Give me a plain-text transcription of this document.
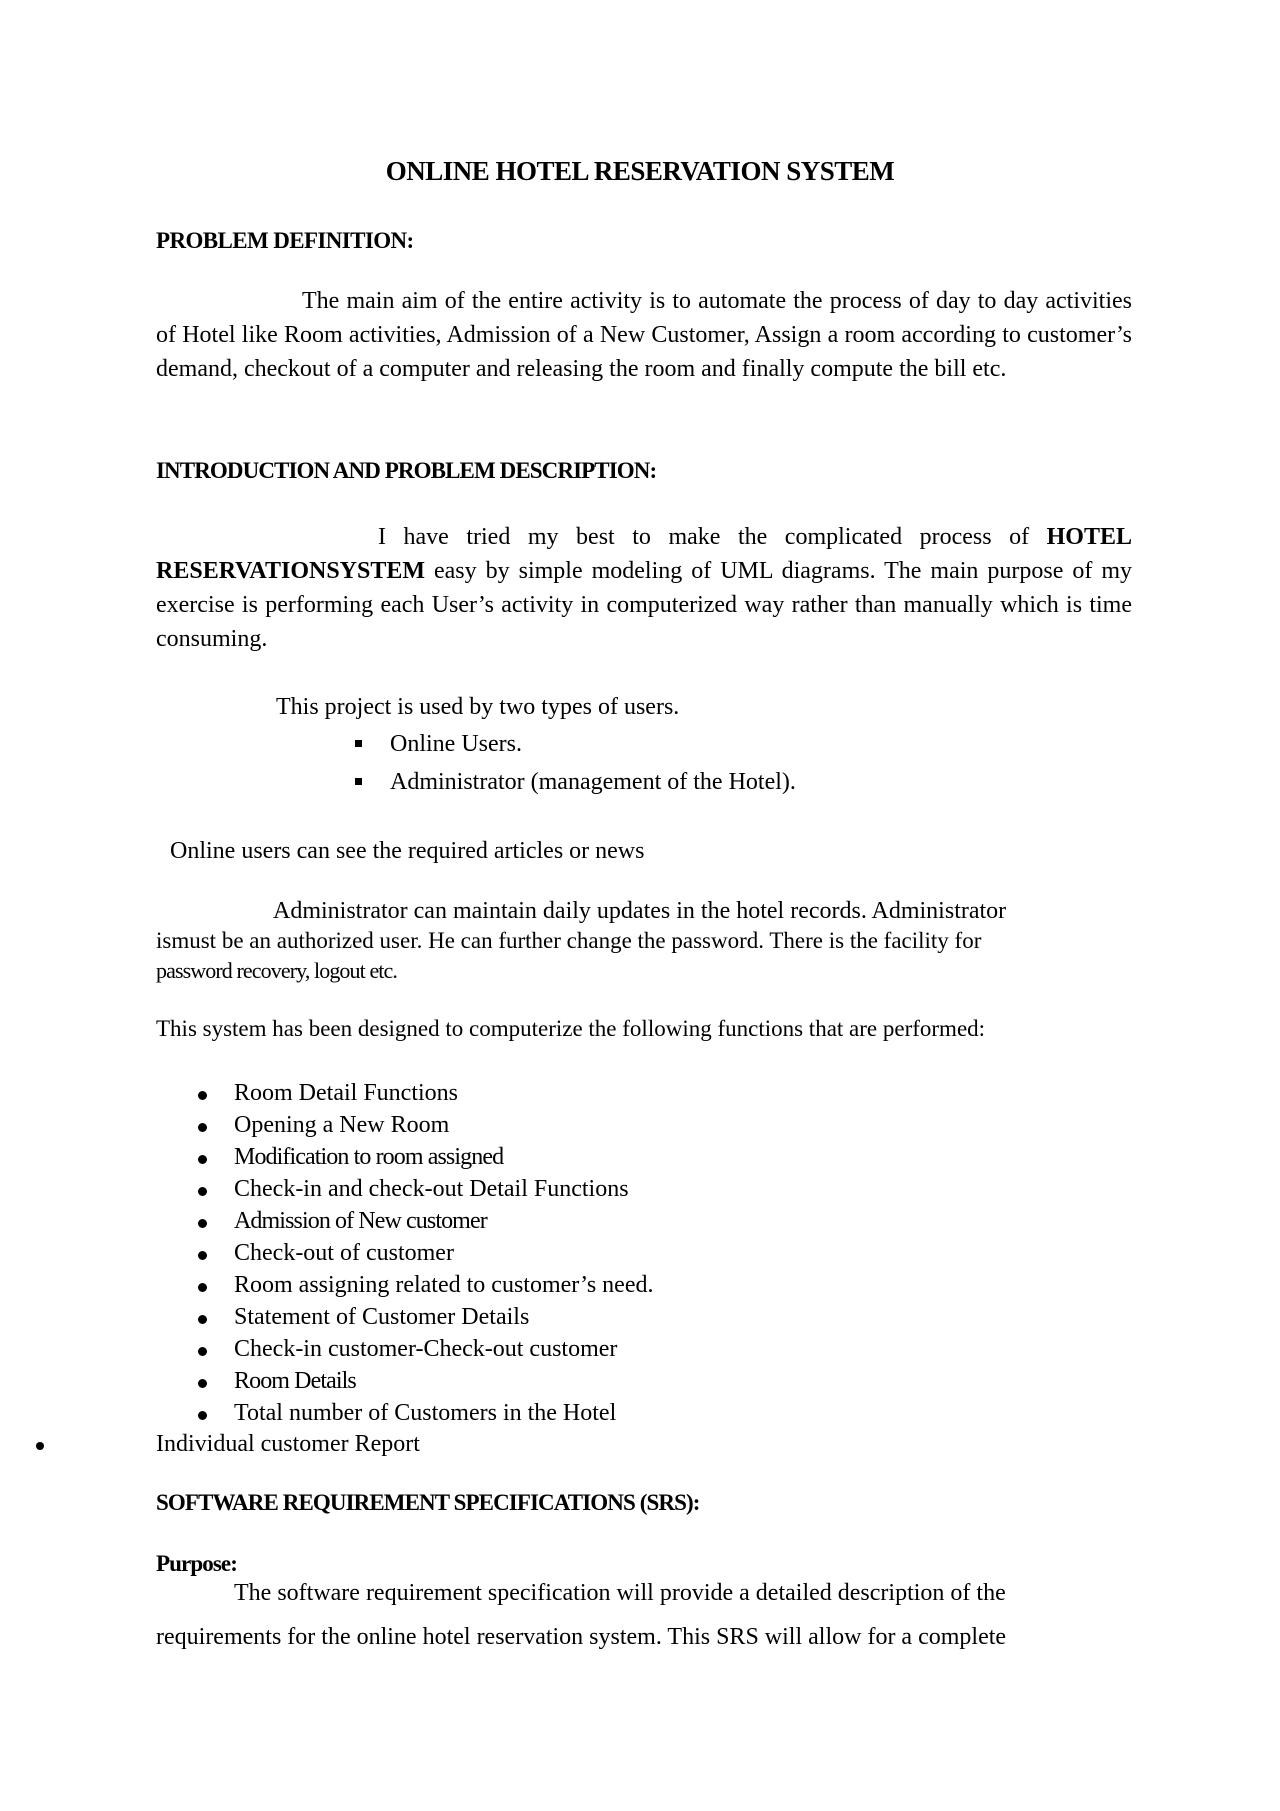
ONLINE HOTEL RESERVATION SYSTEM
PROBLEM DEFINITION:
The main aim of the entire activity is to automate the process of day to day activities of Hotel like Room activities, Admission of a New Customer, Assign a room according to customer’s demand, checkout of a computer and releasing the room and finally compute the bill etc.
INTRODUCTION AND PROBLEM DESCRIPTION:
I have tried my best to make the complicated process of HOTEL RESERVATIONSYSTEM easy by simple modeling of UML diagrams. The main purpose of my exercise is performing each User’s activity in computerized way rather than manually which is time consuming.
This project is used by two types of users.
Online Users.
Administrator (management of the Hotel).
Online users can see the required articles or news
Administrator can maintain daily updates in the hotel records. Administrator
ismust be an authorized user. He can further change the password. There is the facility for
password recovery, logout etc.
This system has been designed to computerize the following functions that are performed:
Room Detail Functions
Opening a New Room
Modification to room assigned
Check-in and check-out Detail Functions
Admission of New customer
Check-out of customer
Room assigning related to customer’s need.
Statement of Customer Details
Check-in customer-Check-out customer
Room Details
Total number of Customers in the Hotel
Individual customer Report
SOFTWARE REQUIREMENT SPECIFICATIONS (SRS):
Purpose:
The software requirement specification will provide a detailed description of the
requirements for the online hotel reservation system. This SRS will allow for a complete
